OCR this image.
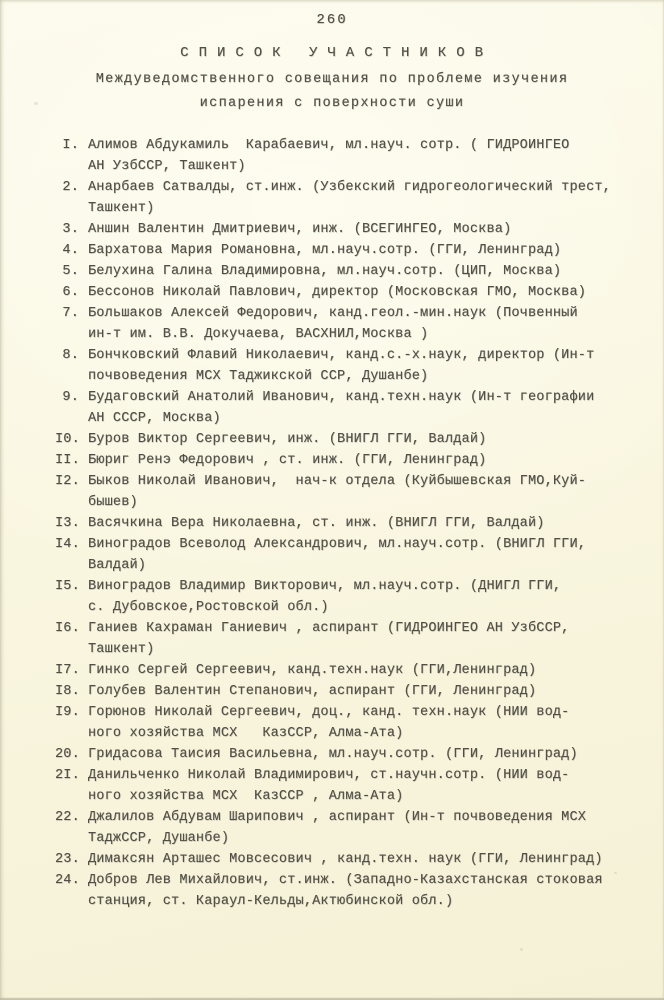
260
С П И С О К   У Ч А С Т Н И К О В
Междуведомственного совещания по проблеме изучения
испарения с поверхности суши
I. Алимов Абдукамиль  Карабаевич, мл.науч. сотр. ( ГИДРОИНГЕО
АН УзбССР, Ташкент)
2. Анарбаев Сатвалды, ст.инж. (Узбекский гидрогеологический трест,
Ташкент)
3. Аншин Валентин Дмитриевич, инж. (ВСЕГИНГЕО, Москва)
4. Бархатова Мария Романовна, мл.науч.сотр. (ГГИ, Ленинград)
5. Белухина Галина Владимировна, мл.науч.сотр. (ЦИП, Москва)
6. Бессонов Николай Павлович, директор (Московская ГМО, Москва)
7. Большаков Алексей Федорович, канд.геол.-мин.наук (Почвенный
ин-т им. В.В. Докучаева, ВАСХНИЛ,Москва )
8. Бончковский Флавий Николаевич, канд.с.-х.наук, директор (Ин-т
почвоведения МСХ Таджикской ССР, Душанбе)
9. Будаговский Анатолий Иванович, канд.техн.наук (Ин-т географии
АН СССР, Москва)
I0. Буров Виктор Сергеевич, инж. (ВНИГЛ ГГИ, Валдай)
II. Бюриг Ренэ Федорович , ст. инж. (ГГИ, Ленинград)
I2. Быков Николай Иванович,  нач-к отдела (Куйбышевская ГМО,Куй-
бышев)
I3. Васячкина Вера Николаевна, ст. инж. (ВНИГЛ ГГИ, Валдай)
I4. Виноградов Всеволод Александрович, мл.науч.сотр. (ВНИГЛ ГГИ,
Валдай)
I5. Виноградов Владимир Викторович, мл.науч.сотр. (ДНИГЛ ГГИ,
с. Дубовское,Ростовской обл.)
I6. Ганиев Кахраман Ганиевич , аспирант (ГИДРОИНГЕО АН УзбССР,
Ташкент)
I7. Гинко Сергей Сергеевич, канд.техн.наук (ГГИ,Ленинград)
I8. Голубев Валентин Степанович, аспирант (ГГИ, Ленинград)
I9. Горюнов Николай Сергеевич, доц., канд. техн.наук (НИИ вод-
ного хозяйства МСХ   КазССР, Алма-Ата)
20. Гридасова Таисия Васильевна, мл.науч.сотр. (ГГИ, Ленинград)
2I. Данильченко Николай Владимирович, ст.научн.сотр. (НИИ вод-
ного хозяйства МСХ  КазССР , Алма-Ата)
22. Джалилов Абдувам Шарипович , аспирант (Ин-т почвоведения МСХ
ТаджССР, Душанбе)
23. Димаксян Арташес Мовсесович , канд.техн. наук (ГГИ, Ленинград)
24. Добров Лев Михайлович, ст.инж. (Западно-Казахстанская стоковая
станция, ст. Караул-Кельды,Актюбинской обл.)
